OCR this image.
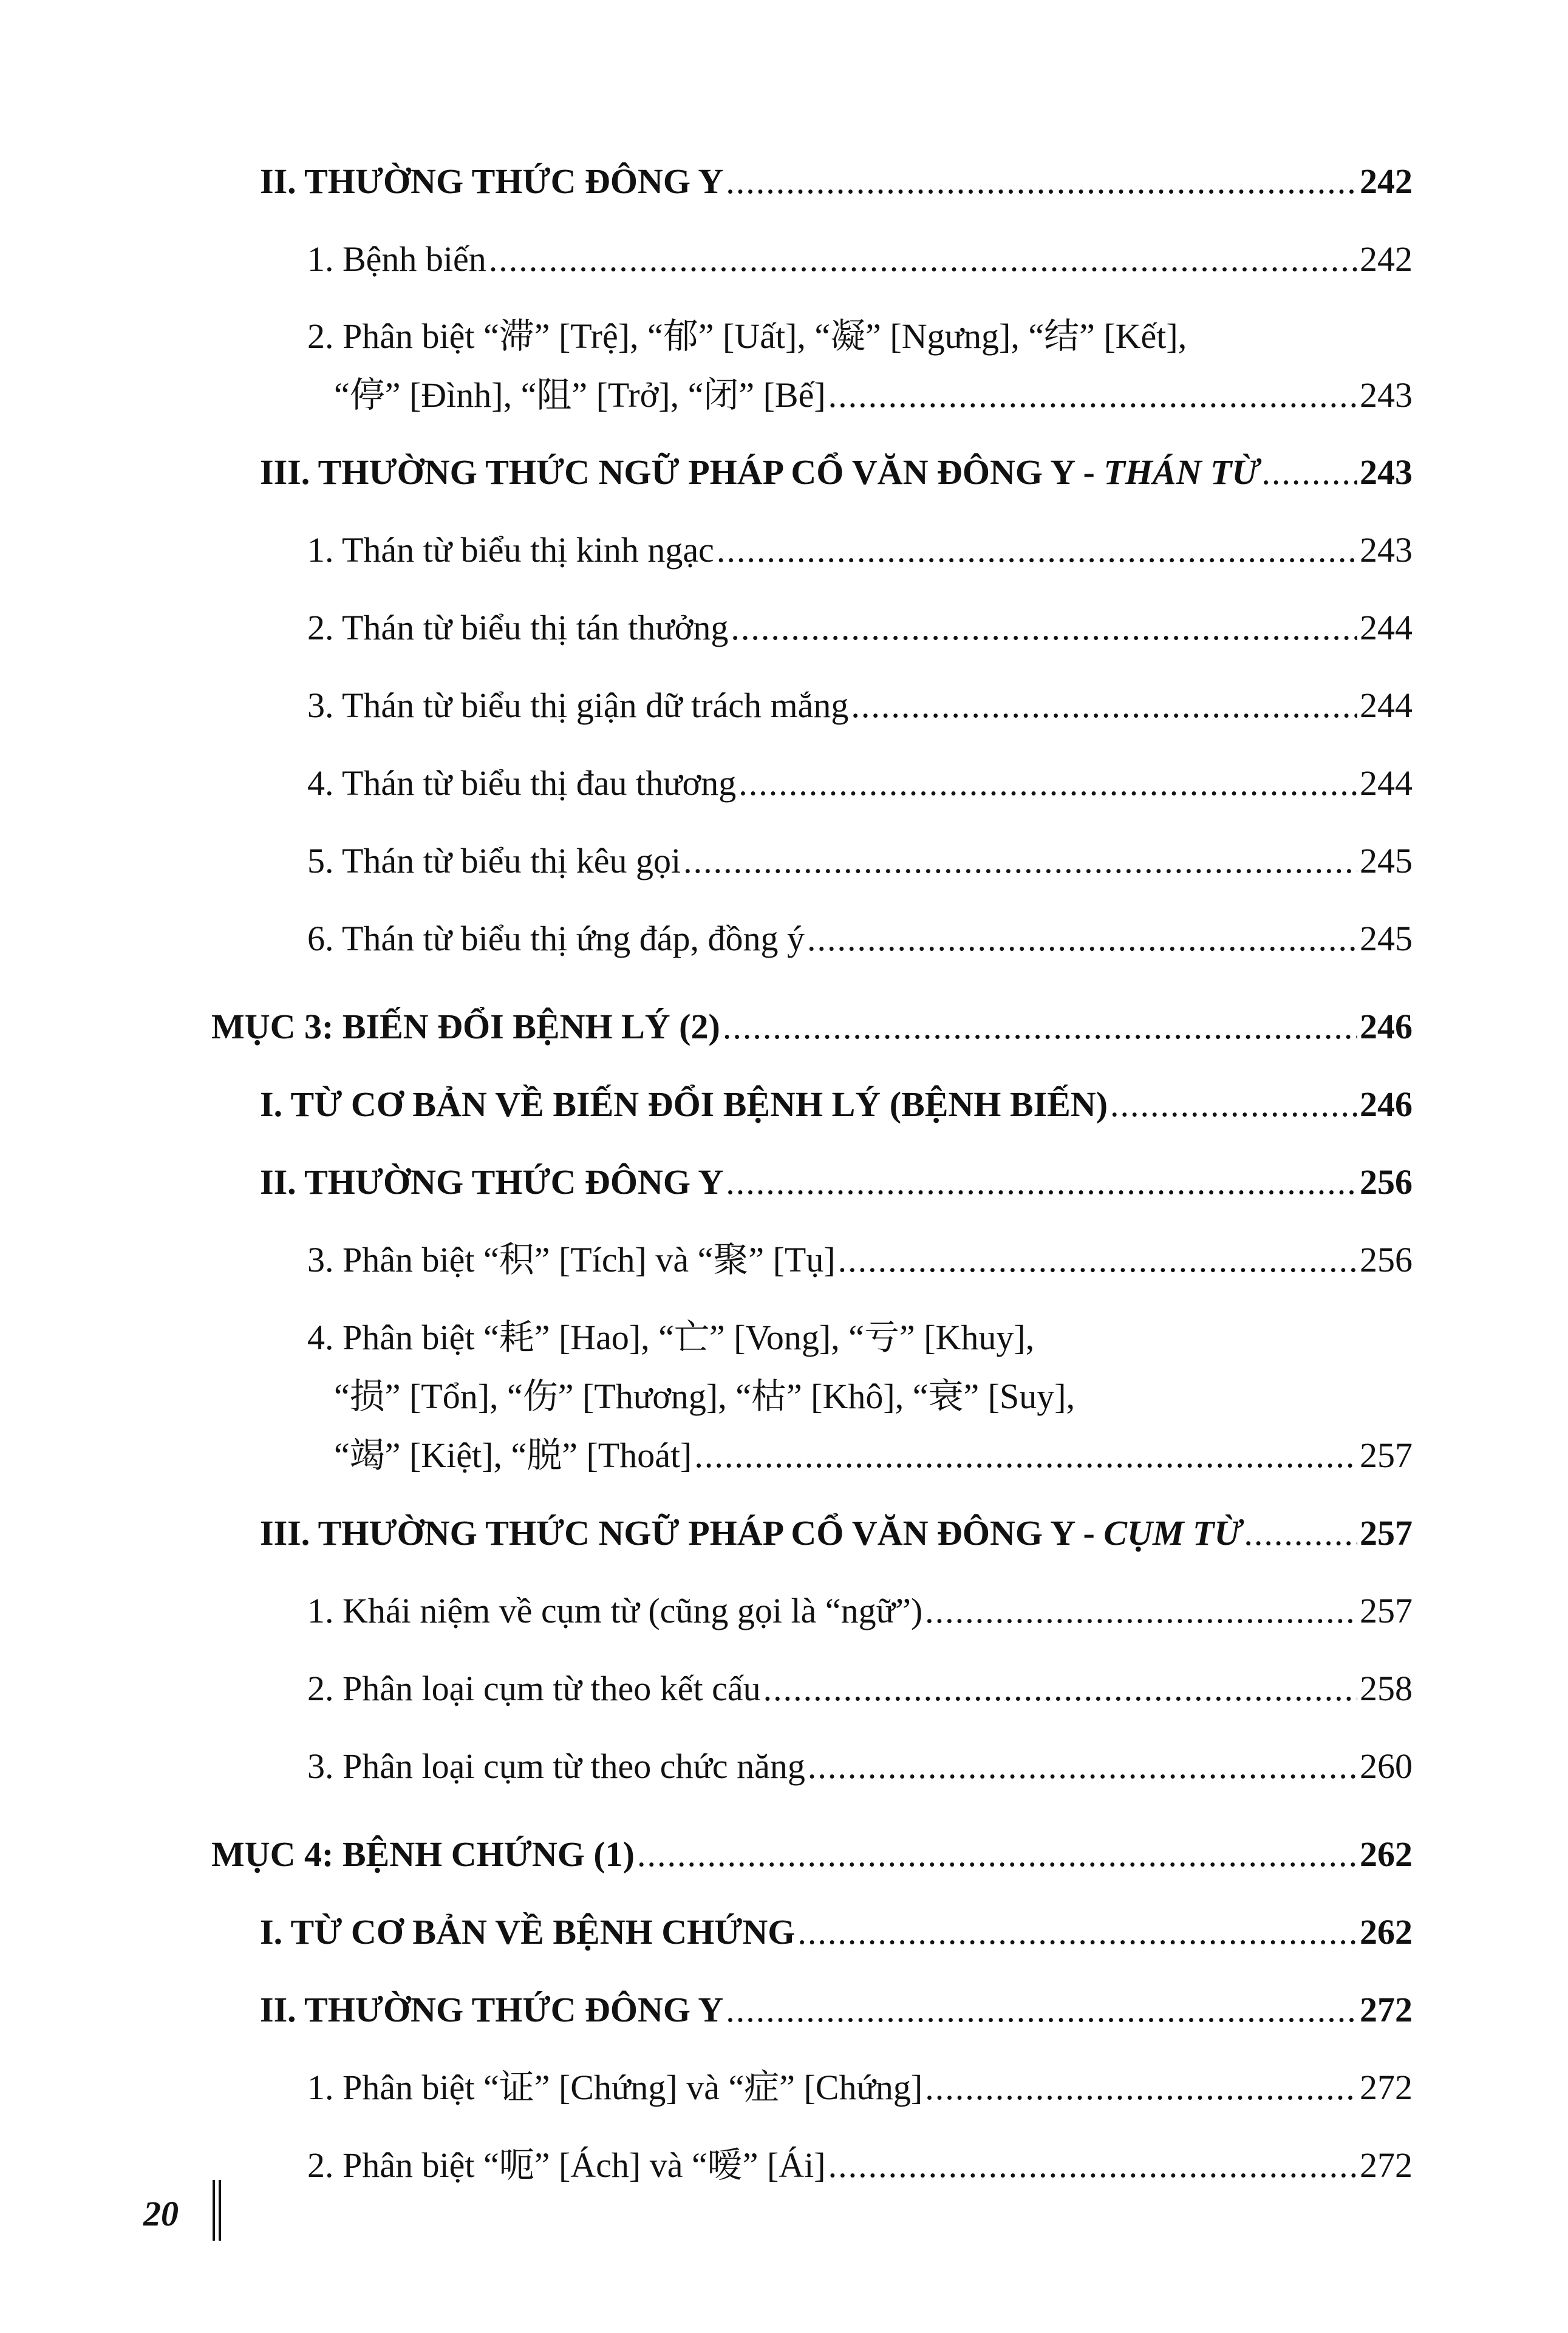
II. THƯỜNG THỨC ĐÔNG Y .....	242
1. Bệnh biến .....	242
2. Phân biệt “滞” [Trệ], “郁” [Uất], “凝” [Ngưng], “结” [Kết],
“停” [Đình], “阻” [Trở], “闭” [Bế] .....	243
III. THƯỜNG THỨC NGỮ PHÁP CỔ VĂN ĐÔNG Y - THÁN TỪ .....	243
1. Thán từ biểu thị kinh ngạc .....	243
2. Thán từ biểu thị tán thưởng .....	244
3. Thán từ biểu thị giận dữ trách mắng .....	244
4. Thán từ biểu thị đau thương .....	244
5. Thán từ biểu thị kêu gọi .....	245
6. Thán từ biểu thị ứng đáp, đồng ý .....	245
MỤC 3: BIẾN ĐỔI BỆNH LÝ (2) .....	246
I. TỪ CƠ BẢN VỀ BIẾN ĐỔI BỆNH LÝ (BỆNH BIẾN) .....	246
II. THƯỜNG THỨC ĐÔNG Y .....	256
3. Phân biệt “积” [Tích] và “聚” [Tụ] .....	256
4. Phân biệt “耗” [Hao], “亡” [Vong], “亏” [Khuy],
“损” [Tổn], “伤” [Thương], “枯” [Khô], “衰” [Suy],
“竭” [Kiệt], “脱” [Thoát] .....	257
III. THƯỜNG THỨC NGỮ PHÁP CỔ VĂN ĐÔNG Y - CỤM TỪ .....	257
1. Khái niệm về cụm từ (cũng gọi là “ngữ”) .....	257
2. Phân loại cụm từ theo kết cấu .....	258
3. Phân loại cụm từ theo chức năng .....	260
MỤC 4: BỆNH CHỨNG (1) .....	262
I. TỪ CƠ BẢN VỀ BỆNH CHỨNG .....	262
II. THƯỜNG THỨC ĐÔNG Y .....	272
1. Phân biệt “证” [Chứng] và “症” [Chứng] .....	272
2. Phân biệt “呃” [Ách] và “嗳” [Ái] .....	272
20
